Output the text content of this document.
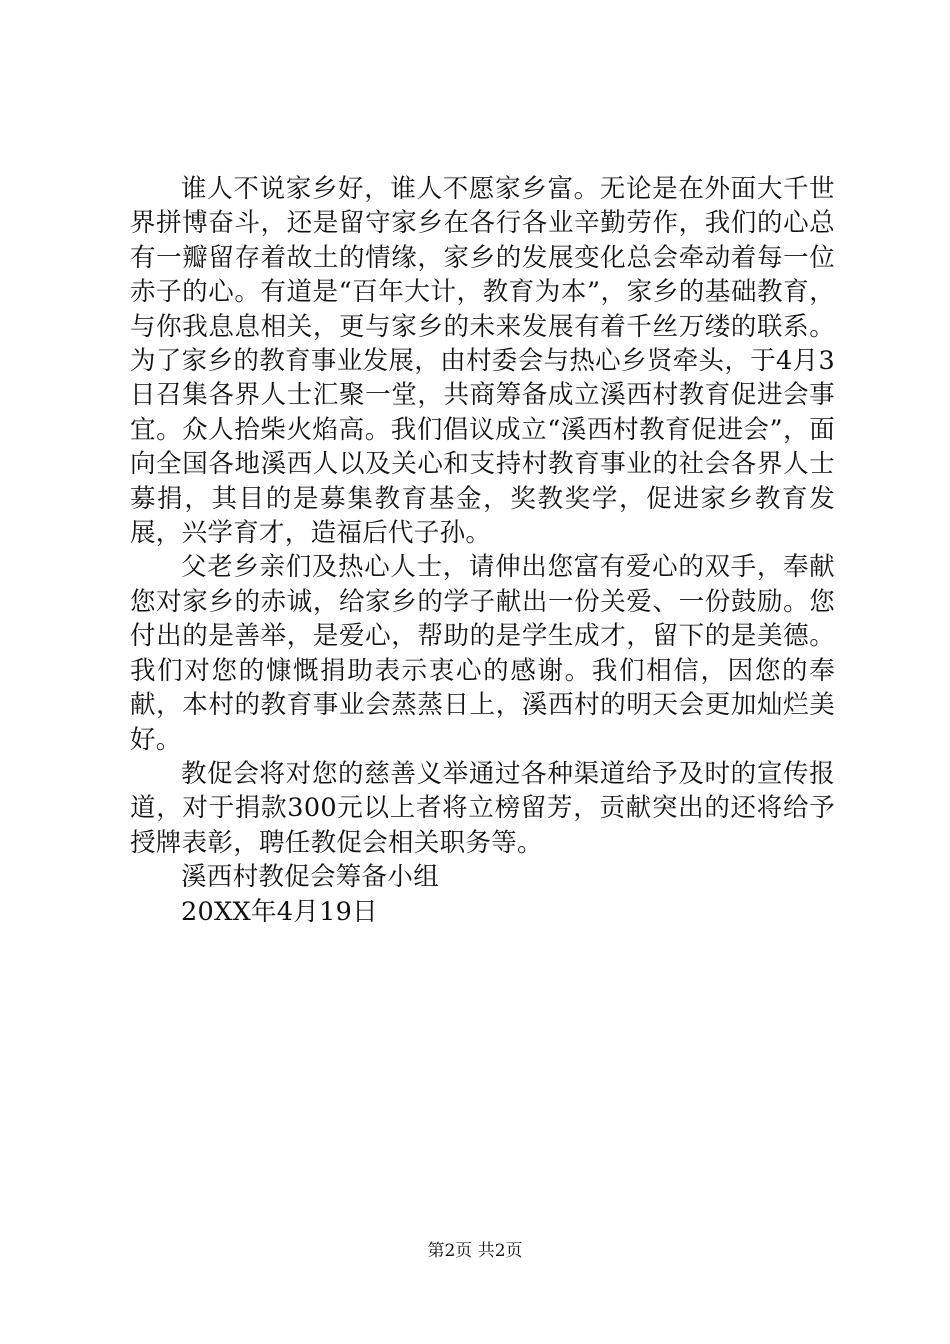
谁人不说家乡好，谁人不愿家乡富。无论是在外面大千世界拼博奋斗，还是留守家乡在各行各业辛勤劳作，我们的心总有一瓣留存着故土的情缘，家乡的发展变化总会牵动着每一位赤子的心。有道是“百年大计，教育为本”，家乡的基础教育，与你我息息相关，更与家乡的未来发展有着千丝万缕的联系。为了家乡的教育事业发展，由村委会与热心乡贤牵头，于4月3日召集各界人士汇聚一堂，共商筹备成立溪西村教育促进会事宜。众人拾柴火焰高。我们倡议成立“溪西村教育促进会”，面向全国各地溪西人以及关心和支持村教育事业的社会各界人士募捐，其目的是募集教育基金，奖教奖学，促进家乡教育发展，兴学育才，造福后代子孙。

父老乡亲们及热心人士，请伸出您富有爱心的双手，奉献您对家乡的赤诚，给家乡的学子献出一份关爱、一份鼓励。您付出的是善举，是爱心，帮助的是学生成才，留下的是美德。我们对您的慷慨捐助表示衷心的感谢。我们相信，因您的奉献，本村的教育事业会蒸蒸日上，溪西村的明天会更加灿烂美好。

教促会将对您的慈善义举通过各种渠道给予及时的宣传报道，对于捐款300元以上者将立榜留芳，贡献突出的还将给予授牌表彰，聘任教促会相关职务等。

溪西村教促会筹备小组

20XX年4月19日

第2页 共2页
